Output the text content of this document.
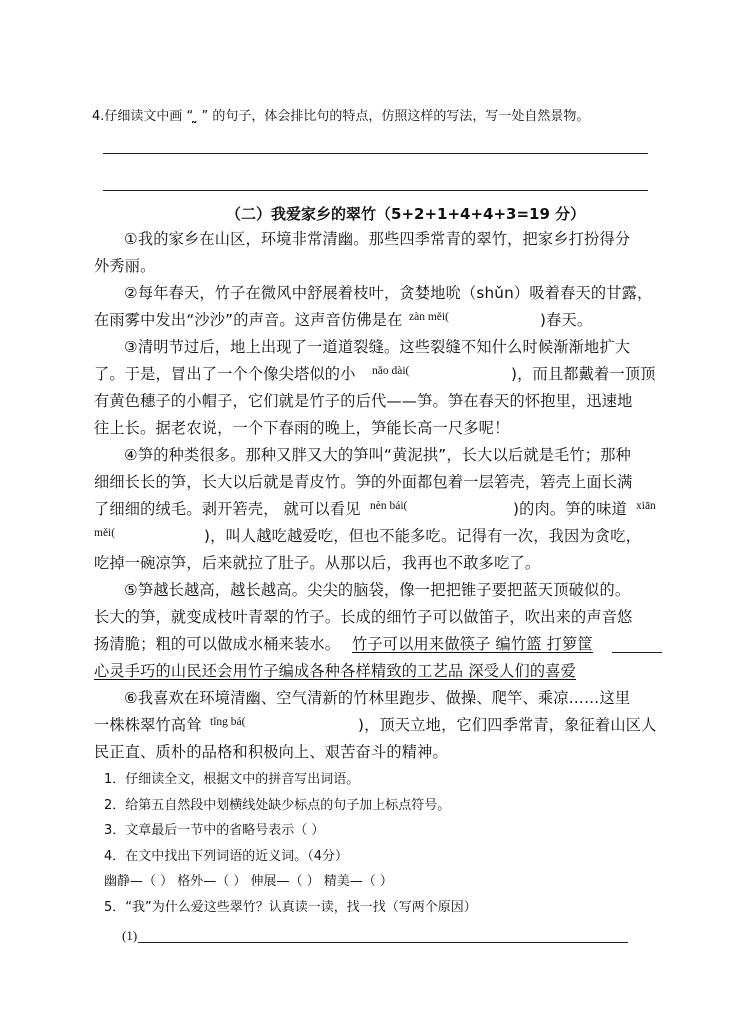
4.仔细读文中画 “ ̰̰̰̰ ” 的句子，体会排比句的特点，仿照这样的写法，写一处自然景物。
（二）我爱家乡的翠竹（5+2+1+4+4+3=19 分）
①我的家乡在山区，环境非常清幽。那些四季常青的翠竹，把家乡打扮得分
外秀丽。
②每年春天，竹子在微风中舒展着枝叶，贪婪地吮（shǔn）吸着春天的甘露，
在雨雾中发出“沙沙”的声音。这声音仿佛是在 zàn měi(	)春天。
③清明节过后，地上出现了一道道裂缝。这些裂缝不知什么时候渐渐地扩大
了。于是，冒出了一个个像尖塔似的小 nǎo dài(	)，而且都戴着一顶顶
有黄色穗子的小帽子，它们就是竹子的后代——笋。笋在春天的怀抱里，迅速地
往上长。据老农说，一个下春雨的晚上，笋能长高一尺多呢！
④笋的种类很多。那种又胖又大的笋叫“黄泥拱”，长大以后就是毛竹；那种
细细长长的笋，长大以后就是青皮竹。笋的外面都包着一层箬壳，箬壳上面长满
了细细的绒毛。剥开箬壳， 就可以看见 nèn bái(	)的肉。笋的味道 xiān
měi(	)，叫人越吃越爱吃，但也不能多吃。记得有一次，我因为贪吃，
吃掉一碗凉笋，后来就拉了肚子。从那以后，我再也不敢多吃了。
⑤笋越长越高，越长越高。尖尖的脑袋，像一把把锥子要把蓝天顶破似的。
长大的笋，就变成枝叶青翠的竹子。长成的细竹子可以做笛子，吹出来的声音悠
扬清脆；粗的可以做成水桶来装水。 竹子可以用来做筷子 编竹篮 打箩筐
心灵手巧的山民还会用竹子编成各种各样精致的工艺品 深受人们的喜爱
⑥我喜欢在环境清幽、空气清新的竹林里跑步、做操、爬竿、乘凉……这里
一株株翠竹高耸 tǐng bá(	)，顶天立地，它们四季常青，象征着山区人
民正直、质朴的品格和积极向上、艰苦奋斗的精神。
1．仔细读全文，根据文中的拼音写出词语。
2．给第五自然段中划横线处缺少标点的句子加上标点符号。
3．文章最后一节中的省略号表示（ ）
4．在文中找出下列词语的近义词。（4分）
幽静—（ ） 格外—（ ） 伸展—（ ） 精美—（ ）
5．“我”为什么爱这些翠竹？认真读一读，找一找（写两个原因）
(1)
